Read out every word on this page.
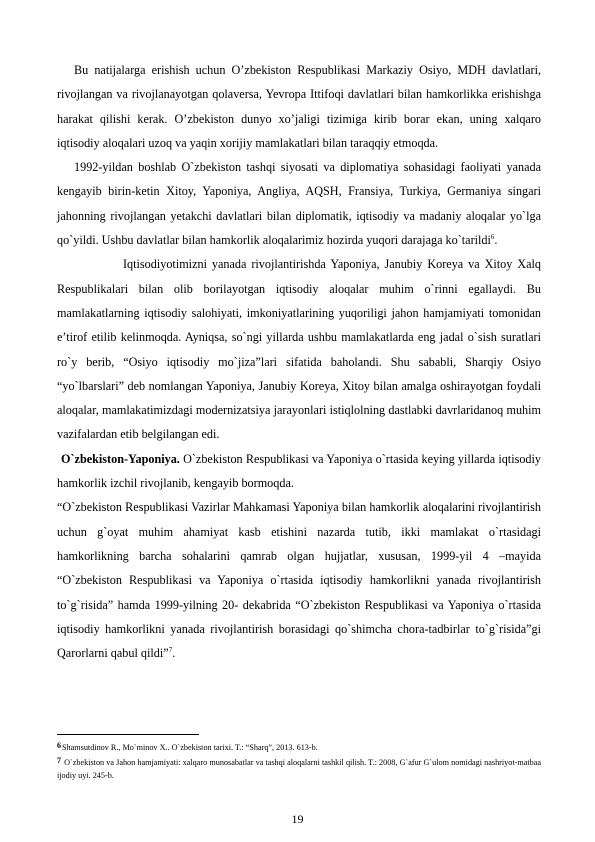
Bu natijalarga erishish uchun O’zbekiston Respublikasi Markaziy Osiyo, MDH davlatlari, rivojlangan va rivojlanayotgan qolaversa, Yevropa Ittifoqi davlatlari bilan hamkorlikka erishishga harakat qilishi kerak. O’zbekiston dunyo xo’jaligi tizimiga kirib borar ekan, uning xalqaro iqtisodiy aloqalari uzoq va yaqin xorijiy mamlakatlari bilan taraqqiy etmoqda.

1992-yildan boshlab O`zbekiston tashqi siyosati va diplomatiya sohasidagi faoliyati yanada kengayib birin-ketin Xitoy, Yaponiya, Angliya, AQSH, Fransiya, Turkiya, Germaniya singari jahonning rivojlangan yetakchi davlatlari bilan diplomatik, iqtisodiy va madaniy aloqalar yo`lga qo`yildi. Ushbu davlatlar bilan hamkorlik aloqalarimiz hozirda yuqori darajaga ko`tarildi$^6$.

Iqtisodiyotimizni yanada rivojlantirishda Yaponiya, Janubiy Koreya va Xitoy Xalq Respublikalari bilan olib borilayotgan iqtisodiy aloqalar muhim o`rinni egallaydi. Bu mamlakatlarning iqtisodiy salohiyati, imkoniyatlarining yuqoriligi jahon hamjamiyati tomonidan e’tirof etilib kelinmoqda. Ayniqsa, so`ngi yillarda ushbu mamlakatlarda eng jadal o`sish suratlari ro`y berib, “Osiyo iqtisodiy mo`jiza”lari sifatida baholandi. Shu sababli, Sharqiy Osiyo “yo`lbarslari” deb nomlangan Yaponiya, Janubiy Koreya, Xitoy bilan amalga oshirayotgan foydali aloqalar, mamlakatimizdagi modernizatsiya jarayonlari istiqlolning dastlabki davrlaridanoq muhim vazifalardan etib belgilangan edi.

O`zbekiston-Yaponiya. O`zbekiston Respublikasi va Yaponiya o`rtasida keying yillarda iqtisodiy hamkorlik izchil rivojlanib, kengayib bormoqda.

“O`zbekiston Respublikasi Vazirlar Mahkamasi Yaponiya bilan hamkorlik aloqalarini rivojlantirish uchun g`oyat muhim ahamiyat kasb etishini nazarda tutib, ikki mamlakat o`rtasidagi hamkorlikning barcha sohalarini qamrab olgan hujjatlar, xususan, 1999-yil 4 –mayida “O`zbekiston Respublikasi va Yaponiya o`rtasida iqtisodiy hamkorlikni yanada rivojlantirish to`g`risida” hamda 1999-yilning 20- dekabrida “O`zbekiston Respublikasi va Yaponiya o`rtasida iqtisodiy hamkorlikni yanada rivojlantirish borasidagi qo`shimcha chora-tadbirlar to`g`risida”gi Qarorlarni qabul qildi”$^7$.

6Shamsutdinov R., Mo`minov X.. O`zbekiston tarixi. T.: “Sharq”, 2013. 613-b.

7 O`zbekiston va Jahon hamjamiyati: xalqaro munosabatlar va tashqi aloqalarni tashkil qilish. T.: 2008, G`afur G`ulom nomidagi nashriyot-matbaa ijodiy uyi. 245-b.

19
